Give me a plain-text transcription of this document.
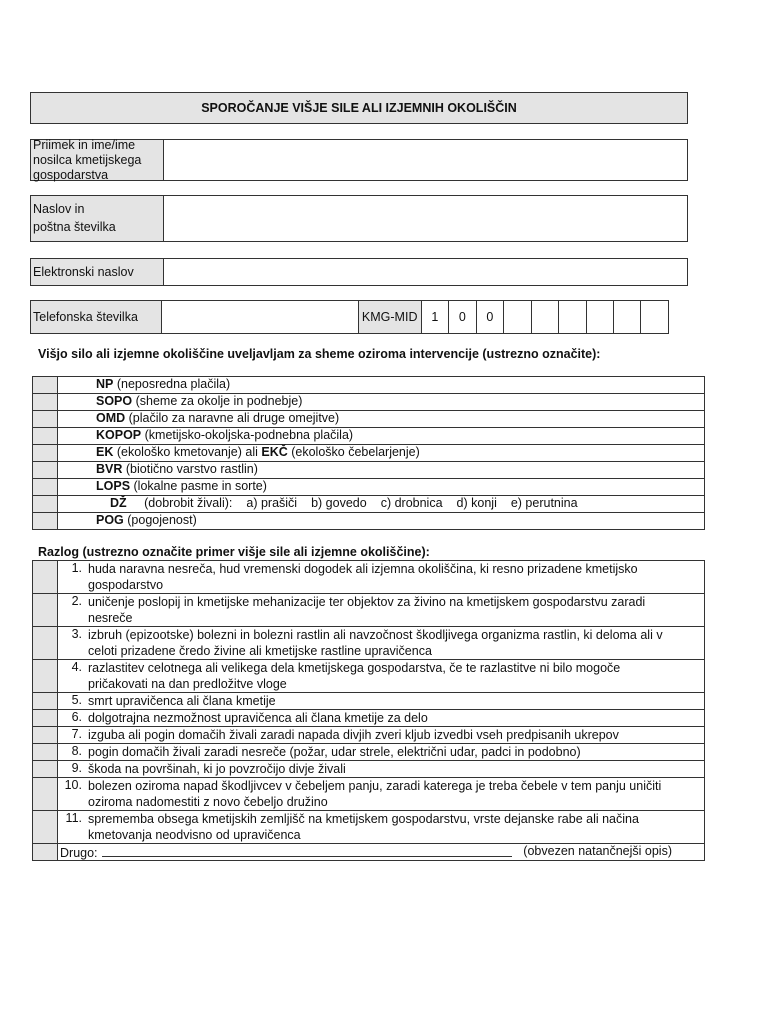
SPOROČANJE VIŠJE SILE ALI IZJEMNIH OKOLIŠČIN
Priimek in ime/ime nosilca kmetijskega gospodarstva
Naslov in
poštna številka
Elektronski naslov
Telefonska številka	KMG-MID	1	0	0
Višjo silo ali izjemne okoliščine uveljavljam za sheme oziroma intervencije (ustrezno označite):
	NP (neposredna plačila)
	SOPO (sheme za okolje in podnebje)
	OMD (plačilo za naravne ali druge omejitve)
	KOPOP (kmetijsko-okoljska-podnebna plačila)
	EK (ekološko kmetovanje) ali EKČ (ekološko čebelarjenje)
	BVR (biotično varstvo rastlin)
	LOPS (lokalne pasme in sorte)
	DŽ (dobrobit živali): a) prašiči b) govedo c) drobnica d) konji e) perutnina
	POG (pogojenost)
Razlog (ustrezno označite primer višje sile ali izjemne okoliščine):

	1. huda naravna nesreča, hud vremenski dogodek ali izjemna okoliščina, ki resno prizadene kmetijsko
gospodarstvo

	2. uničenje poslopij in kmetijske mehanizacije ter objektov za živino na kmetijskem gospodarstvu zaradi
nesreče

	3. izbruh (epizootske) bolezni in bolezni rastlin ali navzočnost škodljivega organizma rastlin, ki deloma ali v
celoti prizadene čredo živine ali kmetijske rastline upravičenca

	4. razlastitev celotnega ali velikega dela kmetijskega gospodarstva, če te razlastitve ni bilo mogoče
pričakovati na dan predložitve vloge

	5. smrt upravičenca ali člana kmetije

	6. dolgotrajna nezmožnost upravičenca ali člana kmetije za delo

	7. izguba ali pogin domačih živali zaradi napada divjih zveri kljub izvedbi vseh predpisanih ukrepov

	8. pogin domačih živali zaradi nesreče (požar, udar strele, električni udar, padci in podobno)

	9. škoda na površinah, ki jo povzročijo divje živali

	10. bolezen oziroma napad škodljivcev v čebeljem panju, zaradi katerega je treba čebele v tem panju uničiti
oziroma nadomestiti z novo čebeljo družino

	11. sprememba obsega kmetijskih zemljišč na kmetijskem gospodarstvu, vrste dejanske rabe ali načina
kmetovanja neodvisno od upravičenca

	Drugo: (obvezen natančnejši opis)
